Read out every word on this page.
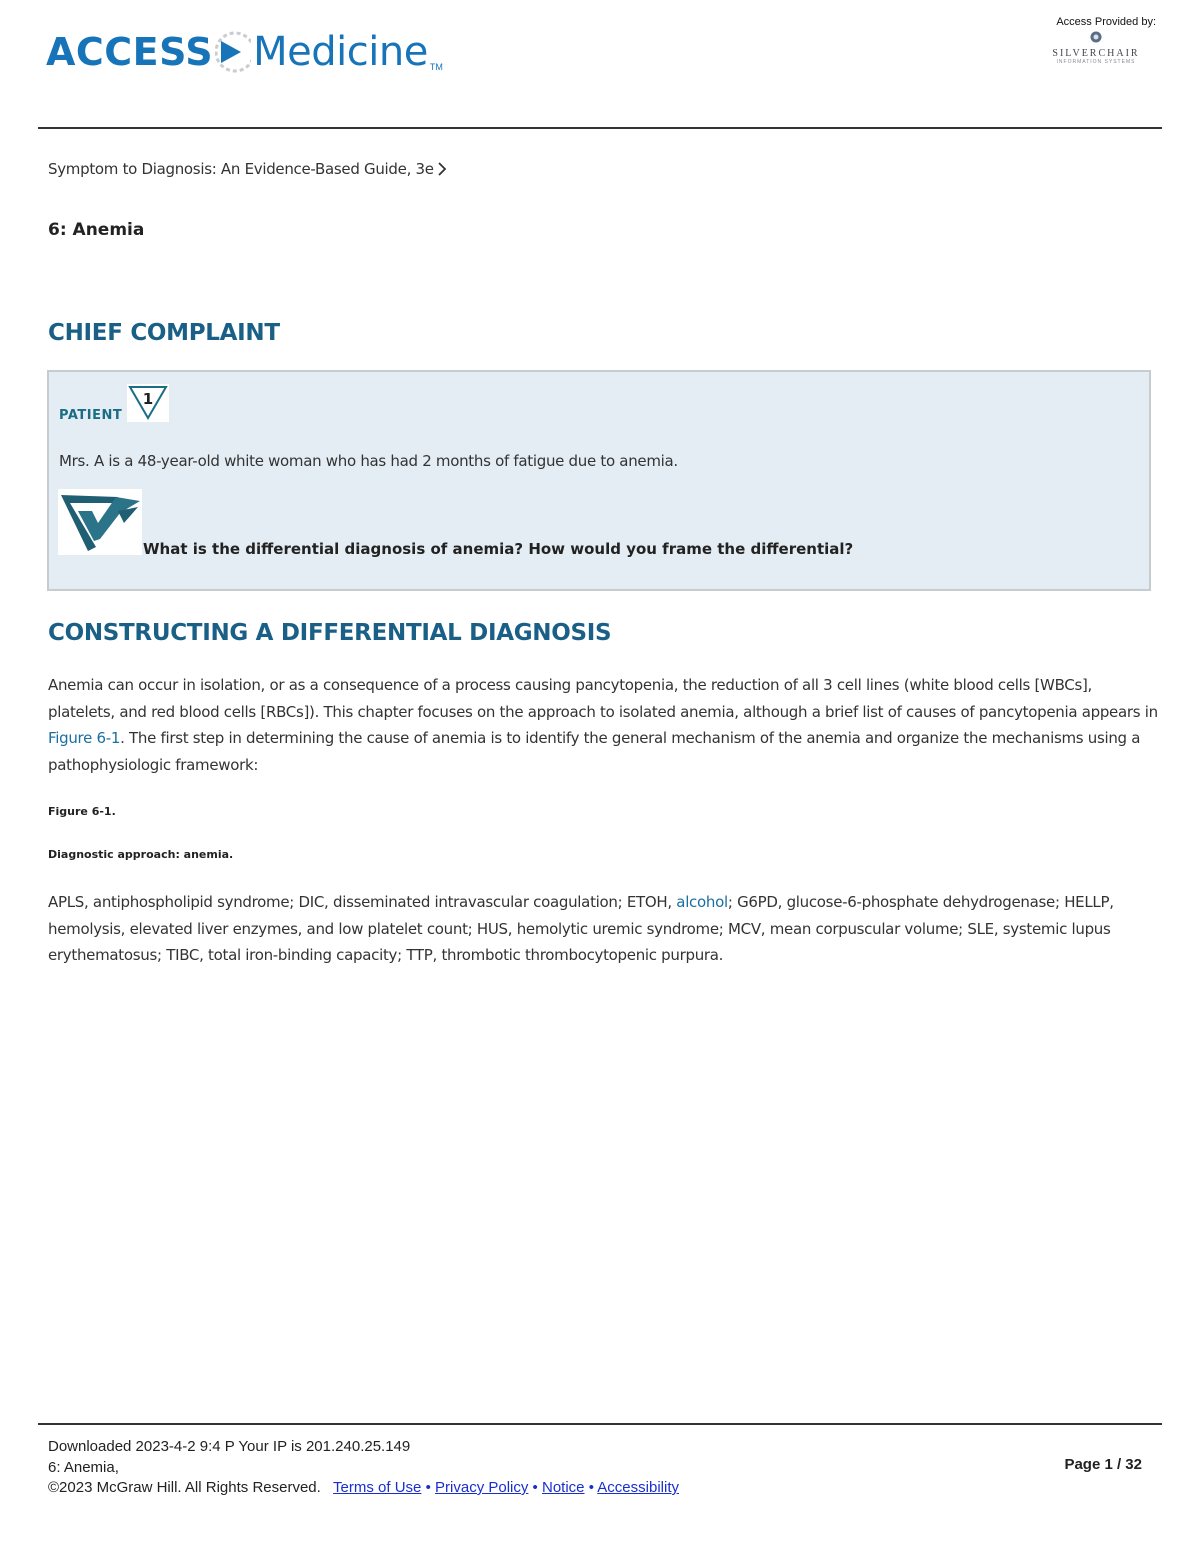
ACCESS Medicine TM
Access Provided by:
SILVERCHAIR
INFORMATION SYSTEMS
Symptom to Diagnosis: An Evidence-Based Guide, 3e
6: Anemia
CHIEF COMPLAINT
PATIENT
1
Mrs. A is a 48-year-old white woman who has had 2 months of fatigue due to anemia.
What is the differential diagnosis of anemia? How would you frame the differential?
CONSTRUCTING A DIFFERENTIAL DIAGNOSIS

Anemia can occur in isolation, or as a consequence of a process causing pancytopenia, the reduction of all 3 cell lines (white blood cells [WBCs], platelets, and red blood cells [RBCs]). This chapter focuses on the approach to isolated anemia, although a brief list of causes of pancytopenia appears in Figure 6-1. The first step in determining the cause of anemia is to identify the general mechanism of the anemia and organize the mechanisms using a pathophysiologic framework:

Figure 6-1.
Diagnostic approach: anemia.

APLS, antiphospholipid syndrome; DIC, disseminated intravascular coagulation; ETOH, alcohol; G6PD, glucose-6-phosphate dehydrogenase; HELLP, hemolysis, elevated liver enzymes, and low platelet count; HUS, hemolytic uremic syndrome; MCV, mean corpuscular volume; SLE, systemic lupus erythematosus; TIBC, total iron-binding capacity; TTP, thrombotic thrombocytopenic purpura.

Downloaded 2023-4-2 9:4 P Your IP is 201.240.25.149
6: Anemia,
©2023 McGraw Hill. All Rights Reserved. Terms of Use • Privacy Policy • Notice • Accessibility
Page 1 / 32
